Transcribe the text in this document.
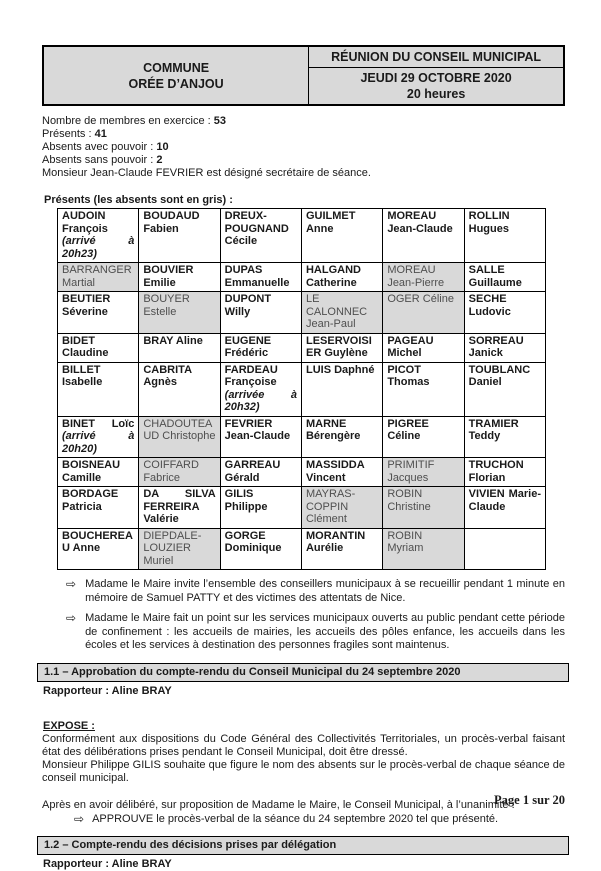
COMMUNE
ORÉE D’ANJOU
	RÉUNION DU CONSEIL MUNICIPAL

JEUDI 29 OCTOBRE 2020
20 heures
Nombre de membres en exercice : 53
Présents : 41
Absents avec pouvoir : 10
Absents sans pouvoir : 2
Monsieur Jean-Claude FEVRIER est désigné secrétaire de séance.
Présents (les absents sont en gris) :
AUDOIN François (arrivé à 20h23)	BOUDAUD Fabien	DREUX-POUGNAND Cécile	GUILMET Anne	MOREAU Jean-Claude	ROLLIN Hugues
BARRANGER Martial	BOUVIER Emilie	DUPAS Emmanuelle	HALGAND Catherine	MOREAU Jean-Pierre	SALLE Guillaume
BEUTIER Séverine	BOUYER Estelle	DUPONT Willy	LE CALONNEC Jean-Paul	OGER Céline	SECHE Ludovic
BIDET Claudine	BRAY Aline	EUGENE Frédéric	LESERVOISIER Guylène	PAGEAU Michel	SORREAU Janick
BILLET Isabelle	CABRITA Agnès	FARDEAU Françoise (arrivée à 20h32)	LUIS Daphné	PICOT Thomas	TOUBLANC Daniel
BINET Loïc (arrivé à 20h20)	CHADOUTEAUD Christophe	FEVRIER Jean-Claude	MARNE Bérengère	PIGREE Céline	TRAMIER Teddy
BOISNEAU Camille	COIFFARD Fabrice	GARREAU Gérald	MASSIDDA Vincent	PRIMITIF Jacques	TRUCHON Florian
BORDAGE Patricia	DA SILVA FERREIRA Valérie	GILIS Philippe	MAYRAS-COPPIN Clément	ROBIN Christine	VIVIEN Marie-Claude
BOUCHEREAU Anne	DIEPDALE-LOUZIER Muriel	GORGE Dominique	MORANTIN Aurélie	ROBIN Myriam	
⇨ Madame le Maire invite l’ensemble des conseillers municipaux à se recueillir pendant 1 minute en mémoire de Samuel PATTY et des victimes des attentats de Nice.
⇨ Madame le Maire fait un point sur les services municipaux ouverts au public pendant cette période de confinement : les accueils de mairies, les accueils des pôles enfance, les accueils dans les écoles et les services à destination des personnes fragiles sont maintenus.
1.1 – Approbation du compte-rendu du Conseil Municipal du 24 septembre 2020
Rapporteur : Aline BRAY
EXPOSE :
Conformément aux dispositions du Code Général des Collectivités Territoriales, un procès-verbal faisant état des délibérations prises pendant le Conseil Municipal, doit être dressé.
Monsieur Philippe GILIS souhaite que figure le nom des absents sur le procès-verbal de chaque séance de conseil municipal.
Après en avoir délibéré, sur proposition de Madame le Maire, le Conseil Municipal, à l’unanimité :
⇨ APPROUVE le procès-verbal de la séance du 24 septembre 2020 tel que présenté.
1.2 – Compte-rendu des décisions prises par délégation
Rapporteur : Aline BRAY
Page 1 sur 20
